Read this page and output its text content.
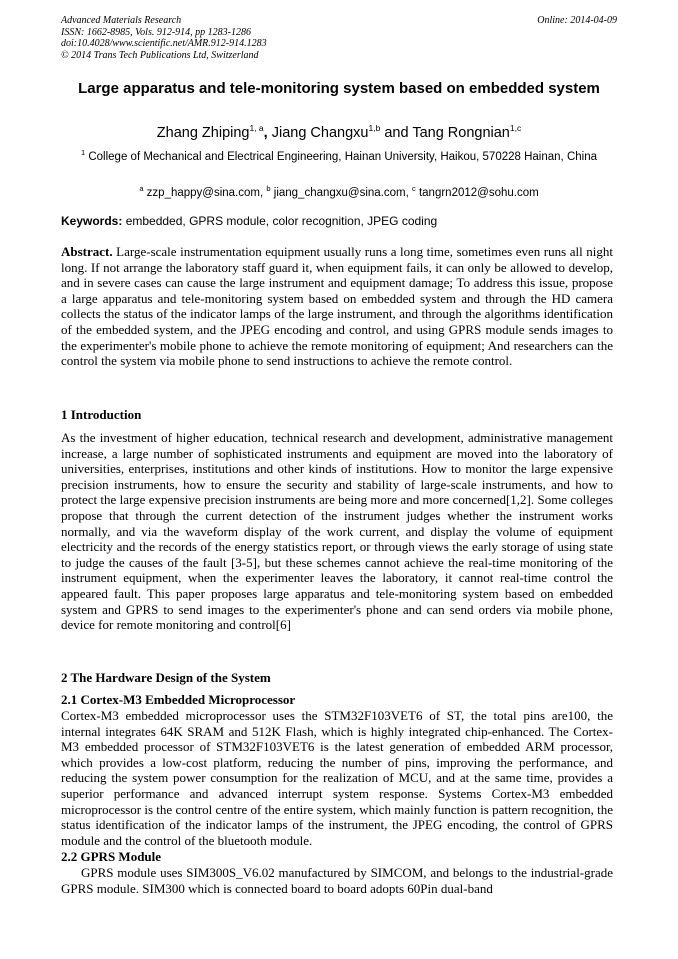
Advanced Materials Research
ISSN: 1662-8985, Vols. 912-914, pp 1283-1286
doi:10.4028/www.scientific.net/AMR.912-914.1283
© 2014 Trans Tech Publications Ltd, Switzerland
Online: 2014-04-09
Large apparatus and tele-monitoring system based on embedded system
Zhang Zhiping$^{1, a}$, Jiang Changxu$^{1,b}$ and Tang Rongnian$^{1,c}$
$^1$ College of Mechanical and Electrical Engineering, Hainan University, Haikou, 570228 Hainan, China
$^a$ zzp_happy@sina.com, $^b$ jiang_changxu@sina.com, $^c$ tangrn2012@sohu.com
Keywords: embedded, GPRS module, color recognition, JPEG coding
Abstract. Large-scale instrumentation equipment usually runs a long time, sometimes even runs all night long. If not arrange the laboratory staff guard it, when equipment fails, it can only be allowed to develop, and in severe cases can cause the large instrument and equipment damage; To address this issue, propose a large apparatus and tele-monitoring system based on embedded system and through the HD camera collects the status of the indicator lamps of the large instrument, and through the algorithms identification of the embedded system, and the JPEG encoding and control, and using GPRS module sends images to the experimenter's mobile phone to achieve the remote monitoring of equipment; And researchers can the control the system via mobile phone to send instructions to achieve the remote control.
1 Introduction
As the investment of higher education, technical research and development, administrative management increase, a large number of sophisticated instruments and equipment are moved into the laboratory of universities, enterprises, institutions and other kinds of institutions. How to monitor the large expensive precision instruments, how to ensure the security and stability of large-scale instruments, and how to protect the large expensive precision instruments are being more and more concerned[1,2]. Some colleges propose that through the current detection of the instrument judges whether the instrument works normally, and via the waveform display of the work current, and display the volume of equipment electricity and the records of the energy statistics report, or through views the early storage of using state to judge the causes of the fault [3-5], but these schemes cannot achieve the real-time monitoring of the instrument equipment, when the experimenter leaves the laboratory, it cannot real-time control the appeared fault. This paper proposes large apparatus and tele-monitoring system based on embedded system and GPRS to send images to the experimenter's phone and can send orders via mobile phone, device for remote monitoring and control[6]
2 The Hardware Design of the System
2.1 Cortex-M3 Embedded Microprocessor
Cortex-M3 embedded microprocessor uses the STM32F103VET6 of ST, the total pins are100, the internal integrates 64K SRAM and 512K Flash, which is highly integrated chip-enhanced. The Cortex-M3 embedded processor of STM32F103VET6 is the latest generation of embedded ARM processor, which provides a low-cost platform, reducing the number of pins, improving the performance, and reducing the system power consumption for the realization of MCU, and at the same time, provides a superior performance and advanced interrupt system response. Systems Cortex-M3 embedded microprocessor is the control centre of the entire system, which mainly function is pattern recognition, the status identification of the indicator lamps of the instrument, the JPEG encoding, the control of GPRS module and the control of the bluetooth module.
2.2 GPRS Module
GPRS module uses SIM300S_V6.02 manufactured by SIMCOM, and belongs to the industrial-grade GPRS module. SIM300 which is connected board to board adopts 60Pin dual-band
